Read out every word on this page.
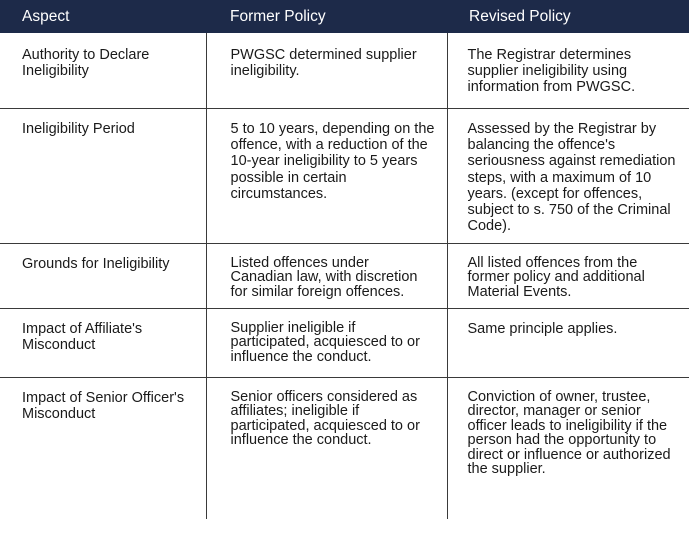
Aspect	Former Policy	Revised Policy
Authority to Declare Ineligibility	PWGSC determined supplier ineligibility.	The Registrar determines supplier ineligibility using information from PWGSC.
Ineligibility Period	5 to 10 years, depending on the offence, with a reduction of the 10-year ineligibility to 5 years possible in certain circumstances.	Assessed by the Registrar by balancing the offence's seriousness against remediation steps, with a maximum of 10 years. (except for offences, subject to s. 750 of the Criminal Code).
Grounds for Ineligibility	Listed offences under Canadian law, with discretion for similar foreign offences.	All listed offences from the former policy and additional Material Events.
Impact of Affiliate's Misconduct	Supplier ineligible if participated, acquiesced to or influence the conduct.	Same principle applies.
Impact of Senior Officer's Misconduct	Senior officers considered as affiliates; ineligible if participated, acquiesced to or influence the conduct.	Conviction of owner, trustee, director, manager or senior officer leads to ineligibility if the person had the opportunity to direct or influence or authorized the supplier.
